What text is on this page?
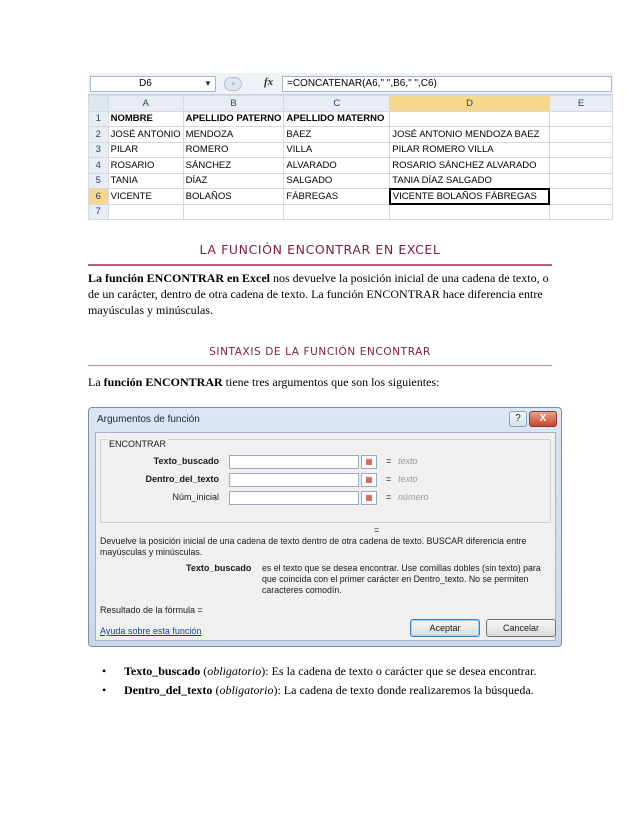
D6	▼	◦	fx	=CONCATENAR(A6," ",B6," ",C6)
	A	B	C	D	E
1	NOMBRE	APELLIDO PATERNO	APELLIDO MATERNO		
2	JOSÉ ANTONIO	MENDOZA	BAEZ	JOSÉ ANTONIO MENDOZA BAEZ	
3	PILAR	ROMERO	VILLA	PILAR ROMERO VILLA	
4	ROSARIO	SÁNCHEZ	ALVARADO	ROSARIO SÁNCHEZ ALVARADO	
5	TANIA	DÍAZ	SALGADO	TANIA DÍAZ SALGADO	
6	VICENTE	BOLAÑOS	FÁBREGAS	VICENTE BOLAÑOS FÁBREGAS	
7					
LA FUNCIÓN ENCONTRAR EN EXCEL

La función ENCONTRAR en Excel nos devuelve la posición inicial de una cadena de texto, o de un carácter, dentro de otra cadena de texto. La función ENCONTRAR hace diferencia entre mayúsculas y minúsculas.

SINTAXIS DE LA FUNCIÓN ENCONTRAR

La función ENCONTRAR tiene tres argumentos que son los siguientes:

Argumentos de función	?	X
ENCONTRAR
Texto_buscado	▦	= texto
Dentro_del_texto	▦	= texto
Núm_inicial	▦	= número
=

Devuelve la posición inicial de una cadena de texto dentro de otra cadena de texto. BUSCAR diferencia entre mayúsculas y minúsculas.

Texto_buscado es el texto que se desea encontrar. Use comillas dobles (sin texto) para que coincida con el primer carácter en Dentro_texto. No se permiten caracteres comodín.

Resultado de la fórmula =
Ayuda sobre esta función	Aceptar	Cancelar
• Texto_buscado (obligatorio): Es la cadena de texto o carácter que se desea encontrar.
• Dentro_del_texto (obligatorio): La cadena de texto donde realizaremos la búsqueda.
